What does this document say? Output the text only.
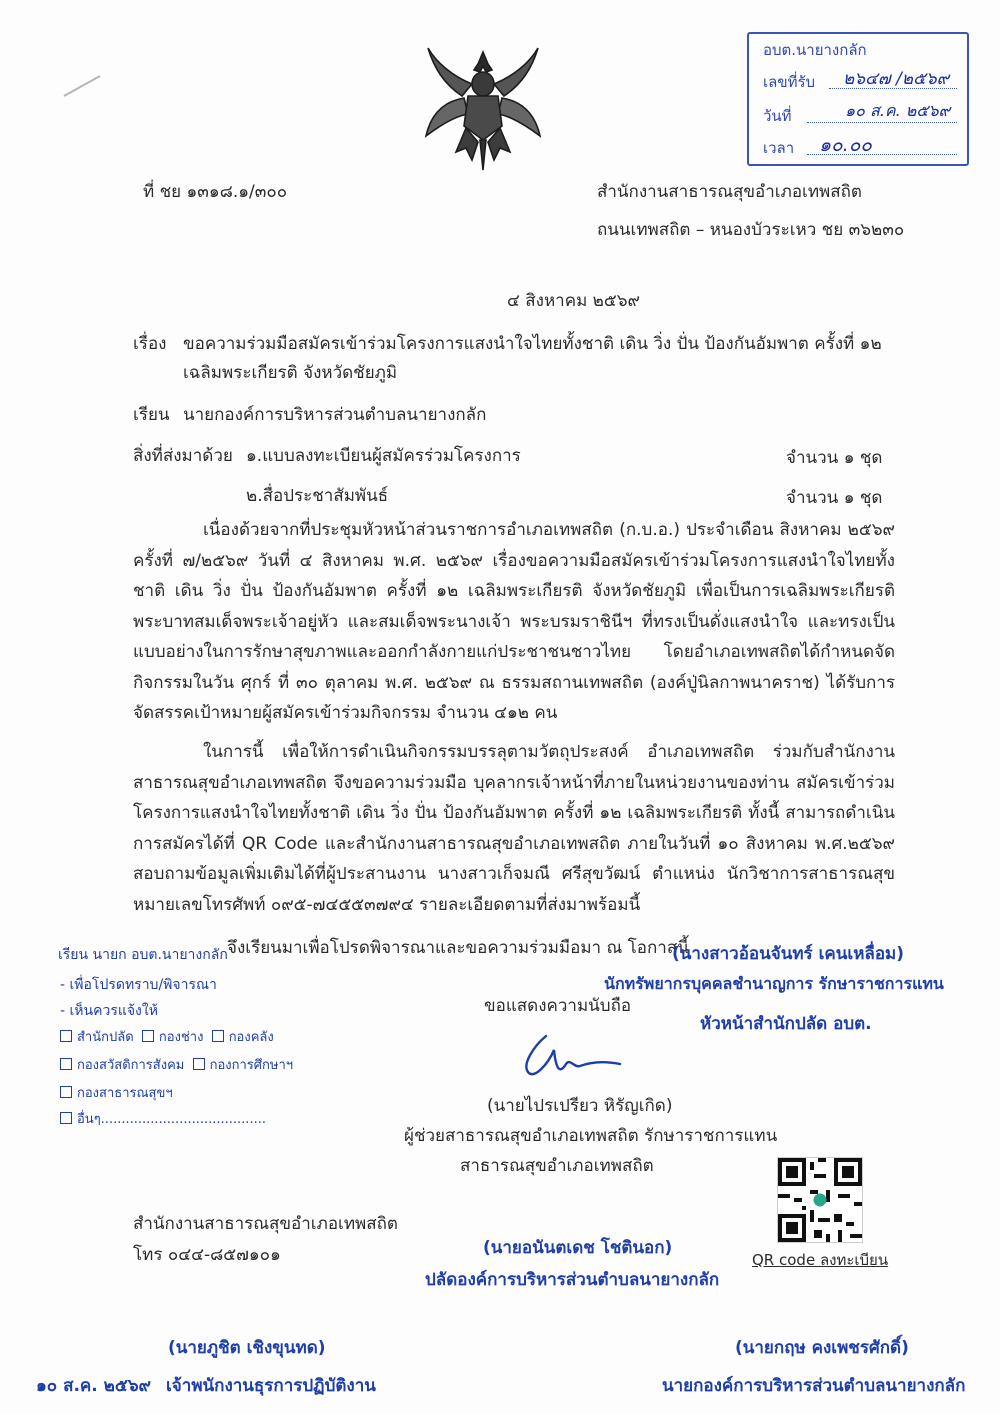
อบต.นายางกลัก
เลขที่รับ ๒๖๔๗ /๒๕๖๙
วันที่	๑๐ ส.ค. ๒๕๖๙
เวลา ๑๐.๐๐
ที่ ชย ๑๓๑๘.๑/๓๐๐	สำนักงานสาธารณสุขอำเภอเทพสถิต
ถนนเทพสถิต – หนองบัวระเหว ชย ๓๖๒๓๐
๔ สิงหาคม ๒๕๖๙
เรื่อง ขอความร่วมมือสมัครเข้าร่วมโครงการแสงนำใจไทยทั้งชาติ เดิน วิ่ง ปั่น ป้องกันอัมพาต ครั้งที่ ๑๒
เฉลิมพระเกียรติ จังหวัดชัยภูมิ
เรียน นายกองค์การบริหารส่วนตำบลนายางกลัก
สิ่งที่ส่งมาด้วย ๑.แบบลงทะเบียนผู้สมัครร่วมโครงการ	จำนวน ๑ ชุด
๒.สื่อประชาสัมพันธ์	จำนวน ๑ ชุด
เนื่องด้วยจากที่ประชุมหัวหน้าส่วนราชการอำเภอเทพสถิต (ก.บ.อ.) ประจำเดือน สิงหาคม ๒๕๖๙ ครั้งที่ ๗/๒๕๖๙ วันที่ ๔ สิงหาคม พ.ศ. ๒๕๖๙ เรื่องขอความมือสมัครเข้าร่วมโครงการแสงนำใจไทยทั้งชาติ เดิน วิ่ง ปั่น ป้องกันอัมพาต ครั้งที่ ๑๒ เฉลิมพระเกียรติ จังหวัดชัยภูมิ เพื่อเป็นการเฉลิมพระเกียรติพระบาทสมเด็จพระเจ้าอยู่หัว และสมเด็จพระนางเจ้า พระบรมราชินีฯ ที่ทรงเป็นดั่งแสงนำใจ และทรงเป็นแบบอย่างในการรักษาสุขภาพและออกกำลังกายแก่ประชาชนชาวไทย โดยอำเภอเทพสถิตได้กำหนดจัดกิจกรรมในวัน ศุกร์ ที่ ๓๐ ตุลาคม พ.ศ. ๒๕๖๙ ณ ธรรมสถานเทพสถิต (องค์ปู่นิลกาพนาคราช) ได้รับการจัดสรรคเป้าหมายผู้สมัครเข้าร่วมกิจกรรม จำนวน ๔๑๒ คน
ในการนี้ เพื่อให้การดำเนินกิจกรรมบรรลุตามวัตถุประสงค์ อำเภอเทพสถิต ร่วมกับสำนักงานสาธารณสุขอำเภอเทพสถิต จึงขอความร่วมมือ บุคลากรเจ้าหน้าที่ภายในหน่วยงานของท่าน สมัครเข้าร่วมโครงการแสงนำใจไทยทั้งชาติ เดิน วิ่ง ปั่น ป้องกันอัมพาต ครั้งที่ ๑๒ เฉลิมพระเกียรติ ทั้งนี้ สามารถดำเนินการสมัครได้ที่ QR Code และสำนักงานสาธารณสุขอำเภอเทพสถิต ภายในวันที่ ๑๐ สิงหาคม พ.ศ.๒๕๖๙ สอบถามข้อมูลเพิ่มเติมได้ที่ผู้ประสานงาน นางสาวเก็จมณี ศรีสุขวัฒน์ ตำแหน่ง นักวิชาการสาธารณสุข หมายเลขโทรศัพท์ ๐๙๕-๗๔๕๕๓๗๙๔ รายละเอียดตามที่ส่งมาพร้อมนี้
จึงเรียนมาเพื่อโปรดพิจารณาและขอความร่วมมือมา ณ โอกาสนี้
เรียน นายก อบต.นายางกลัก
- เพื่อโปรดทราบ/พิจารณา
- เห็นควรแจ้งให้
สำนักปลัด กองช่าง กองคลัง
กองสวัสดิการสังคม กองการศึกษาฯ
กองสาธารณสุขฯ
อื่นๆ........................................
(นางสาวอ้อนจันทร์ เคนเหลื่อม)
นักทรัพยากรบุคคลชำนาญการ รักษาราชการแทน
หัวหน้าสำนักปลัด อบต.
ขอแสดงความนับถือ
(นายไปรเปรียว หิรัญเกิด)
ผู้ช่วยสาธารณสุขอำเภอเทพสถิต รักษาราชการแทน
สาธารณสุขอำเภอเทพสถิต
QR code ลงทะเบียน
สำนักงานสาธารณสุขอำเภอเทพสถิต
โทร ๐๔๔-๘๕๗๑๐๑	(นายอนันตเดช โชตินอก)
ปลัดองค์การบริหารส่วนตำบลนายางกลัก
(นายภูชิต เชิงขุนทด)
๑๐ ส.ค. ๒๕๖๙ เจ้าพนักงานธุรการปฏิบัติงาน
(นายกฤษ คงเพชรศักดิ์)
นายกองค์การบริหารส่วนตำบลนายางกลัก
